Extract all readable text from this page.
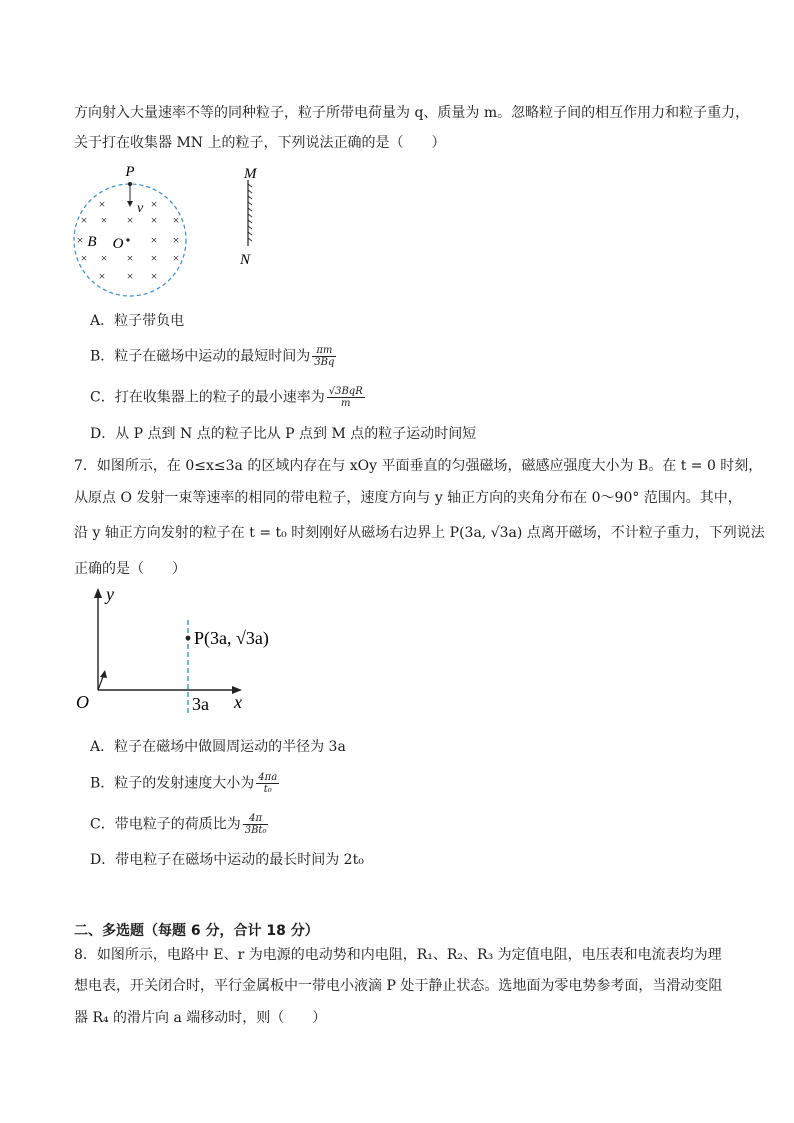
方向射入大量速率不等的同种粒子，粒子所带电荷量为 q、质量为 m。忽略粒子间的相互作用力和粒子重力，
关于打在收集器 MN 上的粒子，下列说法正确的是（　　）
P
v
×	×
× × × × ×
× B O × ×
× × × × ×
× × ×
M
N
A．粒子带负电
B．粒子在磁场中运动的最短时间为 $\frac{\pi m}{3Bq}$
C．打在收集器上的粒子的最小速率为 $\frac{\text{√3BqR}}{m}$
D．从 P 点到 N 点的粒子比从 P 点到 M 点的粒子运动时间短
7．如图所示，在 0≤x≤3a 的区域内存在与 xOy 平面垂直的匀强磁场，磁感应强度大小为 B。在 t = 0 时刻，
从原点 O 发射一束等速率的相同的带电粒子，速度方向与 y 轴正方向的夹角分布在 0～90° 范围内。其中，
沿 y 轴正方向发射的粒子在 t = t₀ 时刻刚好从磁场右边界上 P(3a, √3a) 点离开磁场，不计粒子重力，下列说法
正确的是（　　）
y
x
O
P(3a, √3a)
3a
A．粒子在磁场中做圆周运动的半径为 3a
B．粒子的发射速度大小为 $\frac{4\pi a}{\text{t₀}}$
C．带电粒子的荷质比为 $\frac{4\pi}{\text{3Bt₀}}$
D．带电粒子在磁场中运动的最长时间为 2t₀
二、多选题（每题 6 分，合计 18 分）
8．如图所示，电路中 E、r 为电源的电动势和内电阻，R₁、R₂、R₃ 为定值电阻，电压表和电流表均为理
想电表，开关闭合时，平行金属板中一带电小液滴 P 处于静止状态。选地面为零电势参考面，当滑动变阻
器 R₄ 的滑片向 a 端移动时，则（　　）
